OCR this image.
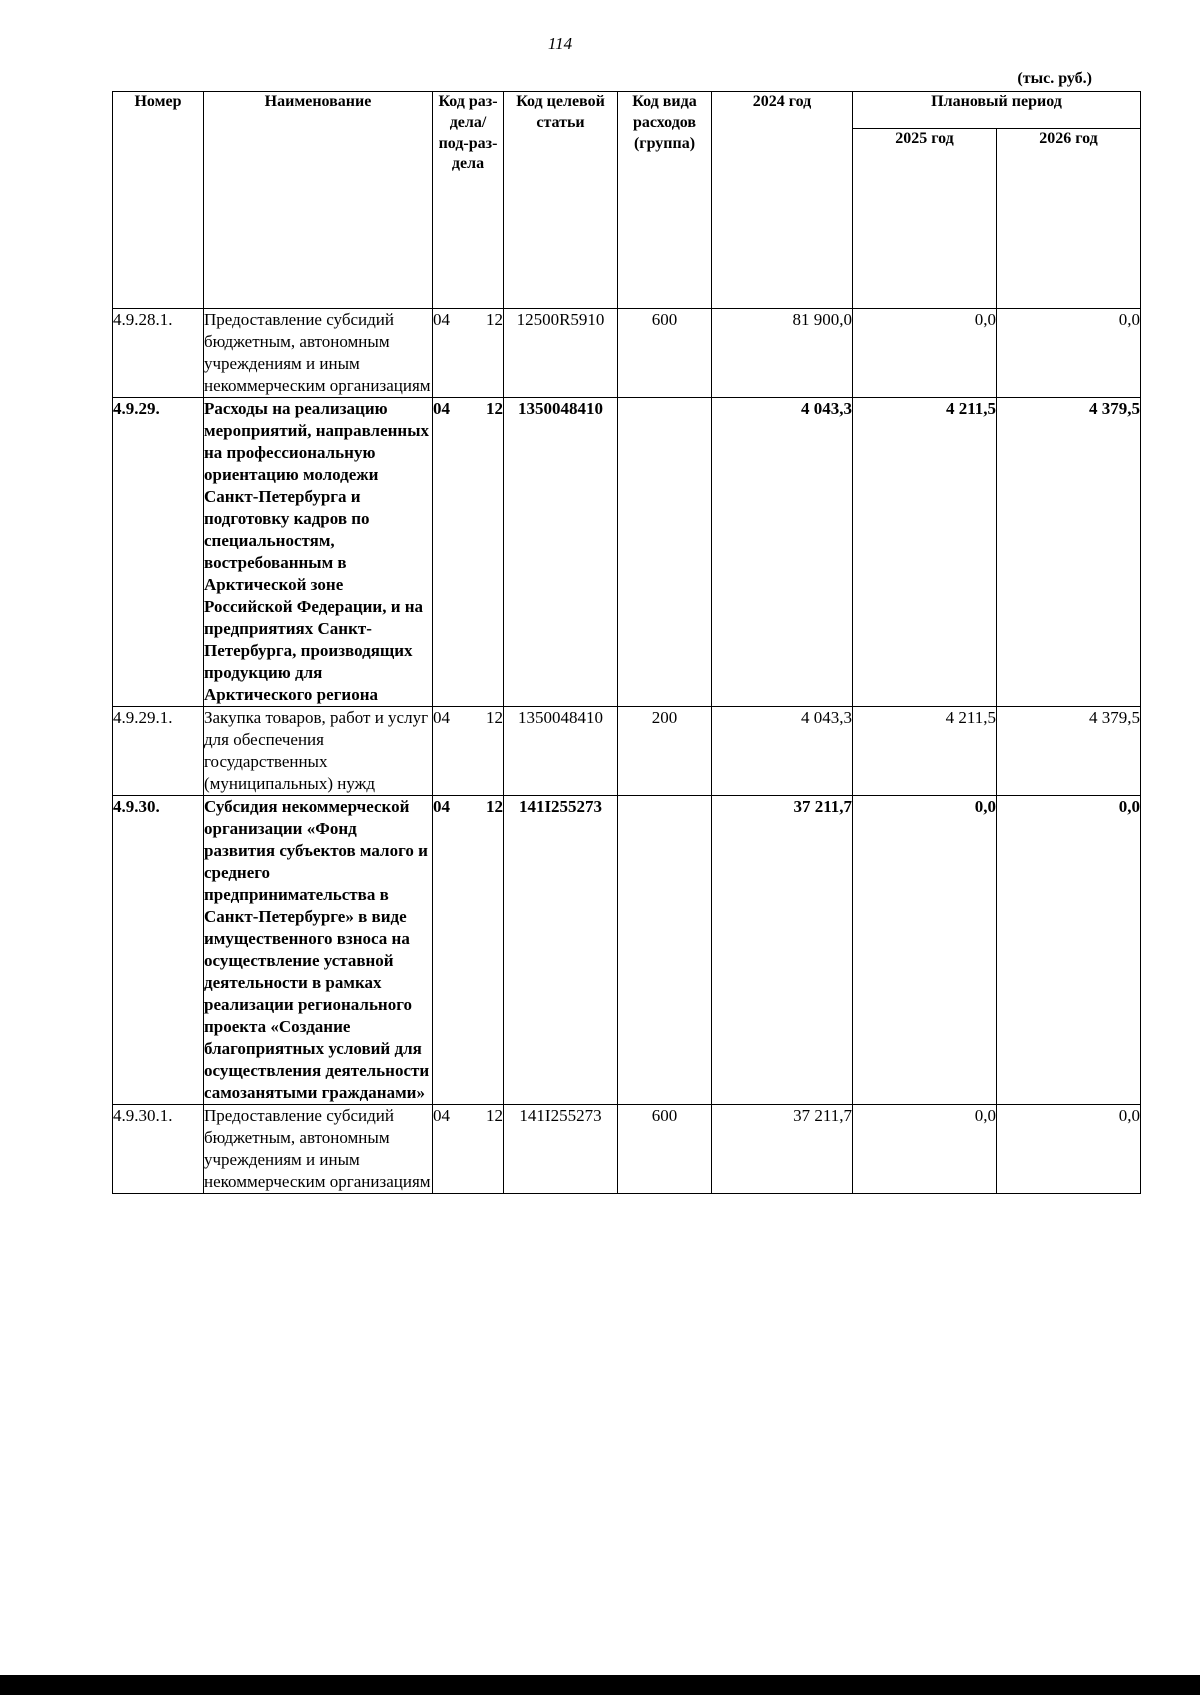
114
(тыс. руб.)
Номер	Наименование	Код раз-дела/ под-раз-дела	Код целевой статьи	Код вида расходов (группа)	2024 год	Плановый период	
						2025 год	2026 год
4.9.28.1.	Предоставление субсидий бюджетным, автономным учреждениям и иным некоммерческим организациям	04 12	12500R5910	600	81 900,0	0,0	0,0
4.9.29.	Расходы на реализацию мероприятий, направленных на профессиональную ориентацию молодежи Санкт-Петербурга и подготовку кадров по специальностям, востребованным в Арктической зоне Российской Федерации, и на предприятиях Санкт-Петербурга, производящих продукцию для Арктического региона	04 12	1350048410		4 043,3	4 211,5	4 379,5
4.9.29.1.	Закупка товаров, работ и услуг для обеспечения государственных (муниципальных) нужд	04 12	1350048410	200	4 043,3	4 211,5	4 379,5
4.9.30.	Субсидия некоммерческой организации «Фонд развития субъектов малого и среднего предпринимательства в Санкт-Петербурге» в виде имущественного взноса на осуществление уставной деятельности в рамках реализации регионального проекта «Создание благоприятных условий для осуществления деятельности самозанятыми гражданами»	04 12	141I255273		37 211,7	0,0	0,0
4.9.30.1.	Предоставление субсидий бюджетным, автономным учреждениям и иным некоммерческим организациям	04 12	141I255273	600	37 211,7	0,0	0,0
